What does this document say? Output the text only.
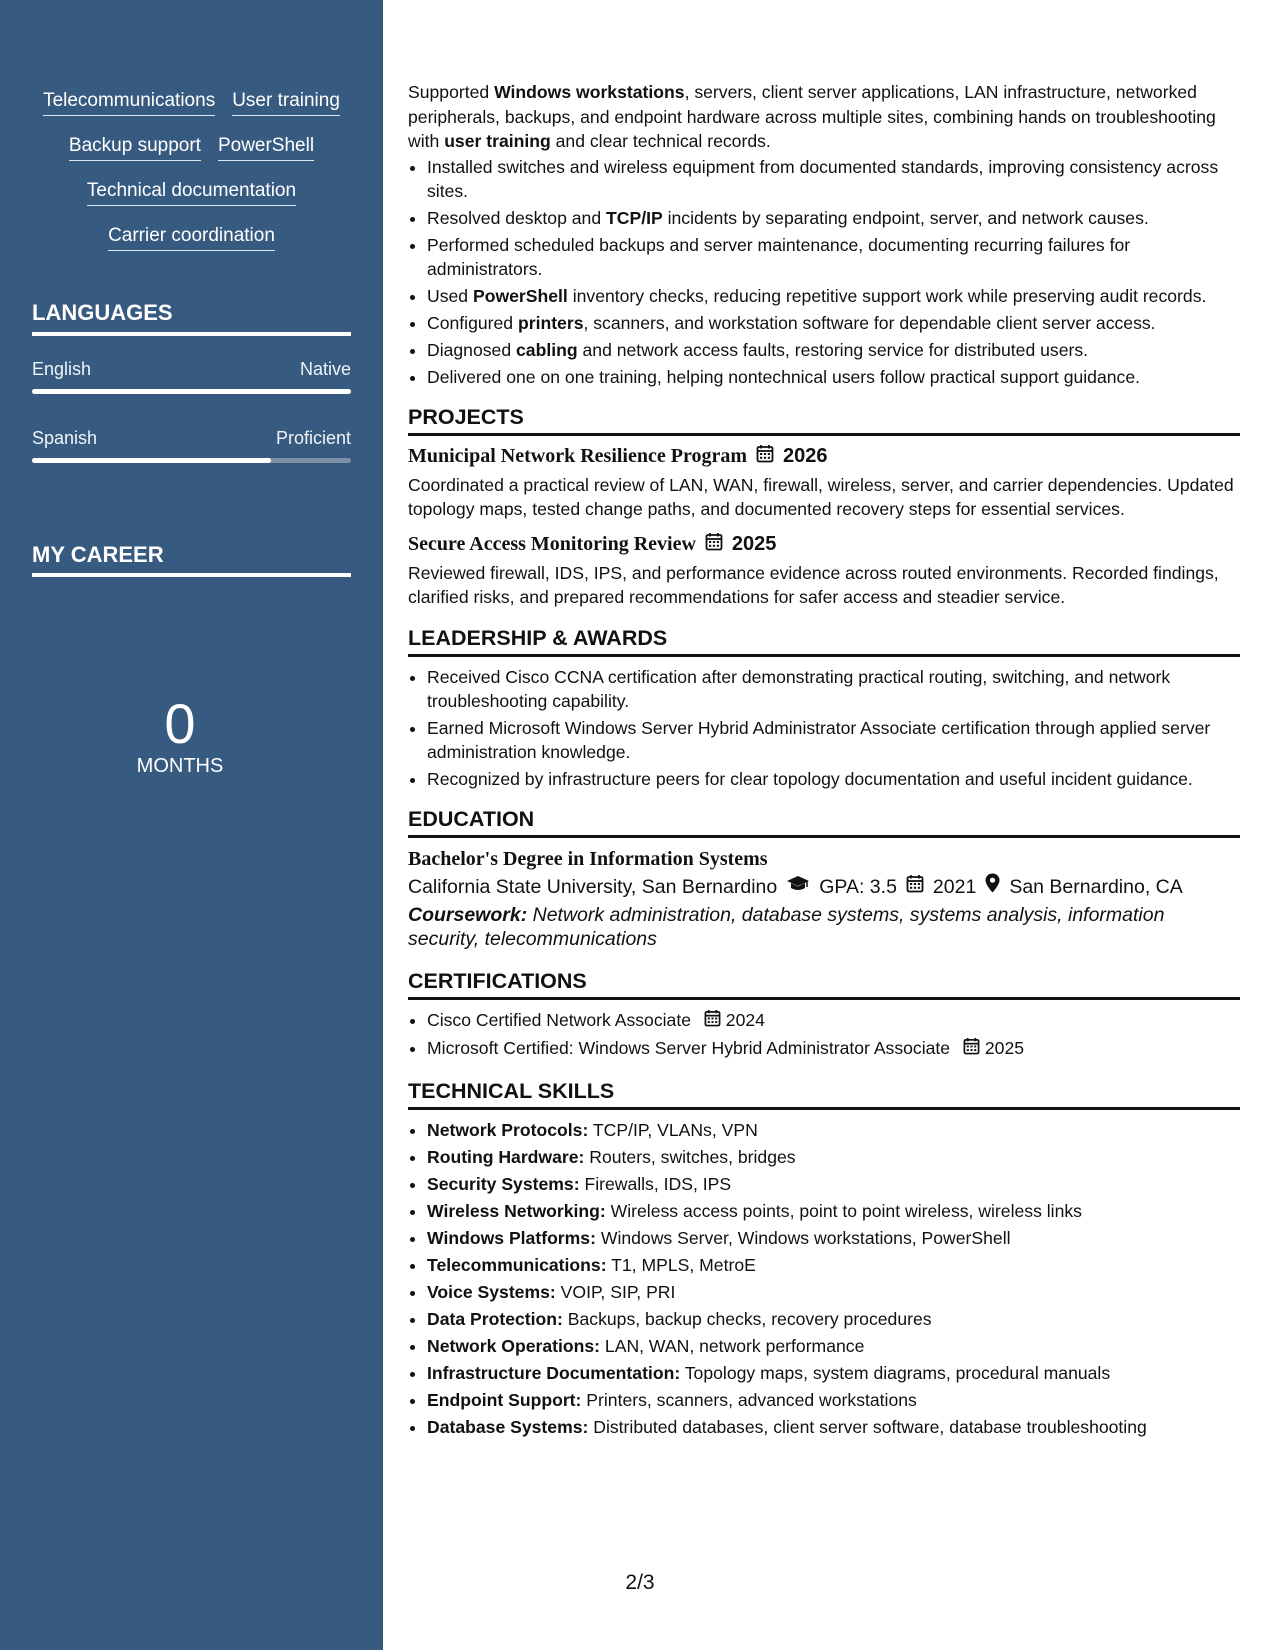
Telecommunications User training
Backup support PowerShell
Technical documentation
Carrier coordination
LANGUAGES
English	Native
Spanish	Proficient
MY CAREER
0
MONTHS

Supported Windows workstations, servers, client server applications, LAN infrastructure, networked peripherals, backups, and endpoint hardware across multiple sites, combining hands on troubleshooting with user training and clear technical records.

• Installed switches and wireless equipment from documented standards, improving consistency across sites.
• Resolved desktop and TCP/IP incidents by separating endpoint, server, and network causes.
• Performed scheduled backups and server maintenance, documenting recurring failures for administrators.
• Used PowerShell inventory checks, reducing repetitive support work while preserving audit records.
• Configured printers, scanners, and workstation software for dependable client server access.
• Diagnosed cabling and network access faults, restoring service for distributed users.
• Delivered one on one training, helping nontechnical users follow practical support guidance.
PROJECTS
Municipal Network Resilience Program 2026
Coordinated a practical review of LAN, WAN, firewall, wireless, server, and carrier dependencies. Updated topology maps, tested change paths, and documented recovery steps for essential services.
Secure Access Monitoring Review 2025
Reviewed firewall, IDS, IPS, and performance evidence across routed environments. Recorded findings, clarified risks, and prepared recommendations for safer access and steadier service.
LEADERSHIP & AWARDS
• Received Cisco CCNA certification after demonstrating practical routing, switching, and network troubleshooting capability.
• Earned Microsoft Windows Server Hybrid Administrator Associate certification through applied server administration knowledge.
• Recognized by infrastructure peers for clear topology documentation and useful incident guidance.
EDUCATION
Bachelor's Degree in Information Systems
California State University, San Bernardino GPA: 3.5 2021 San Bernardino, CA
Coursework: Network administration, database systems, systems analysis, information security, telecommunications
CERTIFICATIONS
• Cisco Certified Network Associate 2024
• Microsoft Certified: Windows Server Hybrid Administrator Associate 2025
TECHNICAL SKILLS
• Network Protocols: TCP/IP, VLANs, VPN
• Routing Hardware: Routers, switches, bridges
• Security Systems: Firewalls, IDS, IPS
• Wireless Networking: Wireless access points, point to point wireless, wireless links
• Windows Platforms: Windows Server, Windows workstations, PowerShell
• Telecommunications: T1, MPLS, MetroE
• Voice Systems: VOIP, SIP, PRI
• Data Protection: Backups, backup checks, recovery procedures
• Network Operations: LAN, WAN, network performance
• Infrastructure Documentation: Topology maps, system diagrams, procedural manuals
• Endpoint Support: Printers, scanners, advanced workstations
• Database Systems: Distributed databases, client server software, database troubleshooting
2/3
